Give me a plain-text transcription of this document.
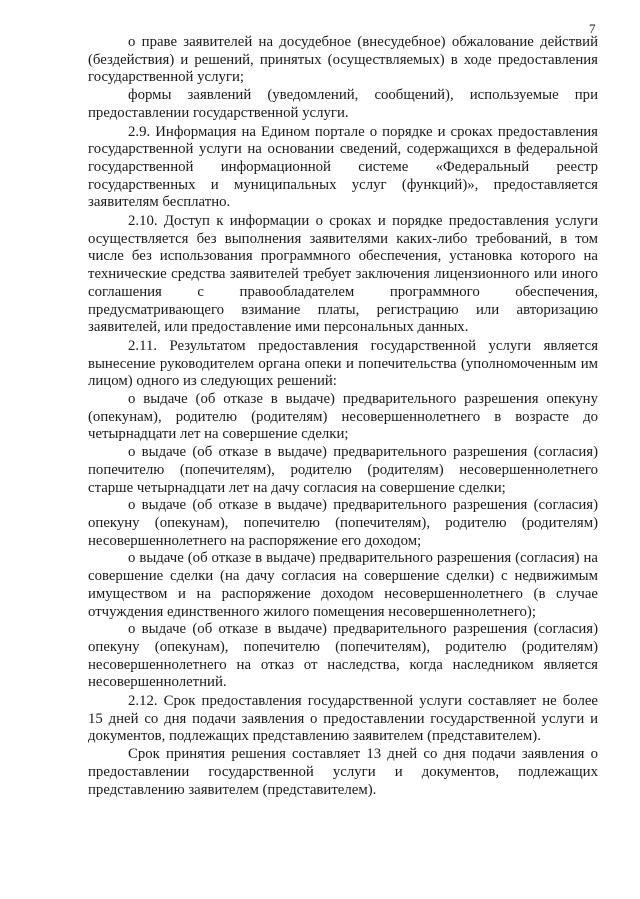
7

о праве заявителей на досудебное (внесудебное) обжалование действий (бездействия) и решений, принятых (осуществляемых) в ходе предоставления государственной услуги;

формы заявлений (уведомлений, сообщений), используемые при предоставлении государственной услуги.

2.9. Информация на Едином портале о порядке и сроках предоставления государственной услуги на основании сведений, содержащихся в федеральной государственной информационной системе «Федеральный реестр государственных и муниципальных услуг (функций)», предоставляется заявителям бесплатно.

2.10. Доступ к информации о сроках и порядке предоставления услуги осуществляется без выполнения заявителями каких-либо требований, в том числе без использования программного обеспечения, установка которого на технические средства заявителей требует заключения лицензионного или иного соглашения с правообладателем программного обеспечения, предусматривающего взимание платы, регистрацию или авторизацию заявителей, или предоставление ими персональных данных.

2.11. Результатом предоставления государственной услуги является вынесение руководителем органа опеки и попечительства (уполномоченным им лицом) одного из следующих решений:

о выдаче (об отказе в выдаче) предварительного разрешения опекуну (опекунам), родителю (родителям) несовершеннолетнего в возрасте до четырнадцати лет на совершение сделки;

о выдаче (об отказе в выдаче) предварительного разрешения (согласия) попечителю (попечителям), родителю (родителям) несовершеннолетнего старше четырнадцати лет на дачу согласия на совершение сделки;

о выдаче (об отказе в выдаче) предварительного разрешения (согласия) опекуну (опекунам), попечителю (попечителям), родителю (родителям) несовершеннолетнего на распоряжение его доходом;

о выдаче (об отказе в выдаче) предварительного разрешения (согласия) на совершение сделки (на дачу согласия на совершение сделки) с недвижимым имуществом и на распоряжение доходом несовершеннолетнего (в случае отчуждения единственного жилого помещения несовершеннолетнего);

о выдаче (об отказе в выдаче) предварительного разрешения (согласия) опекуну (опекунам), попечителю (попечителям), родителю (родителям) несовершеннолетнего на отказ от наследства, когда наследником является несовершеннолетний.

2.12. Срок предоставления государственной услуги составляет не более 15 дней со дня подачи заявления о предоставлении государственной услуги и документов, подлежащих представлению заявителем (представителем).

Срок принятия решения составляет 13 дней со дня подачи заявления о предоставлении государственной услуги и документов, подлежащих представлению заявителем (представителем).
